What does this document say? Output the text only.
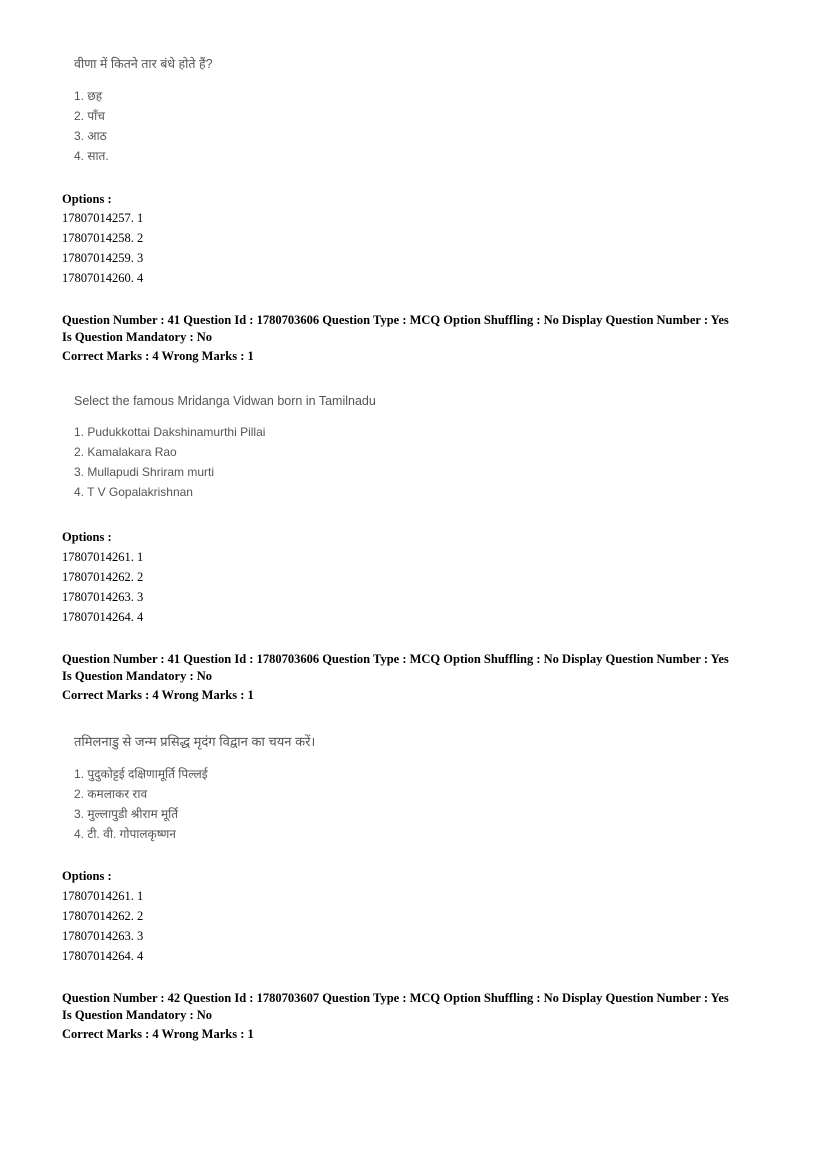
वीणा में कितने तार बंधे होते हैं?
1. छह
2. पाँच
3. आठ
4. सात.
Options :
17807014257. 1
17807014258. 2
17807014259. 3
17807014260. 4
Question Number : 41 Question Id : 1780703606 Question Type : MCQ Option Shuffling : No Display Question Number : Yes
Is Question Mandatory : No
Correct Marks : 4 Wrong Marks : 1
Select the famous Mridanga Vidwan born in Tamilnadu
1. Pudukkottai Dakshinamurthi Pillai
2. Kamalakara Rao
3. Mullapudi Shriram murti
4. T V Gopalakrishnan
Options :
17807014261. 1
17807014262. 2
17807014263. 3
17807014264. 4
Question Number : 41 Question Id : 1780703606 Question Type : MCQ Option Shuffling : No Display Question Number : Yes
Is Question Mandatory : No
Correct Marks : 4 Wrong Marks : 1
तमिलनाडु से जन्म प्रसिद्ध मृदंग विद्वान का चयन करें।
1. पुदुकोट्टई दक्षिणामूर्ति पिल्लई
2. कमलाकर राव
3. मुल्लापुडी श्रीराम मूर्ति
4. टी. वी. गोपालकृष्णन
Options :
17807014261. 1
17807014262. 2
17807014263. 3
17807014264. 4
Question Number : 42 Question Id : 1780703607 Question Type : MCQ Option Shuffling : No Display Question Number : Yes
Is Question Mandatory : No
Correct Marks : 4 Wrong Marks : 1
